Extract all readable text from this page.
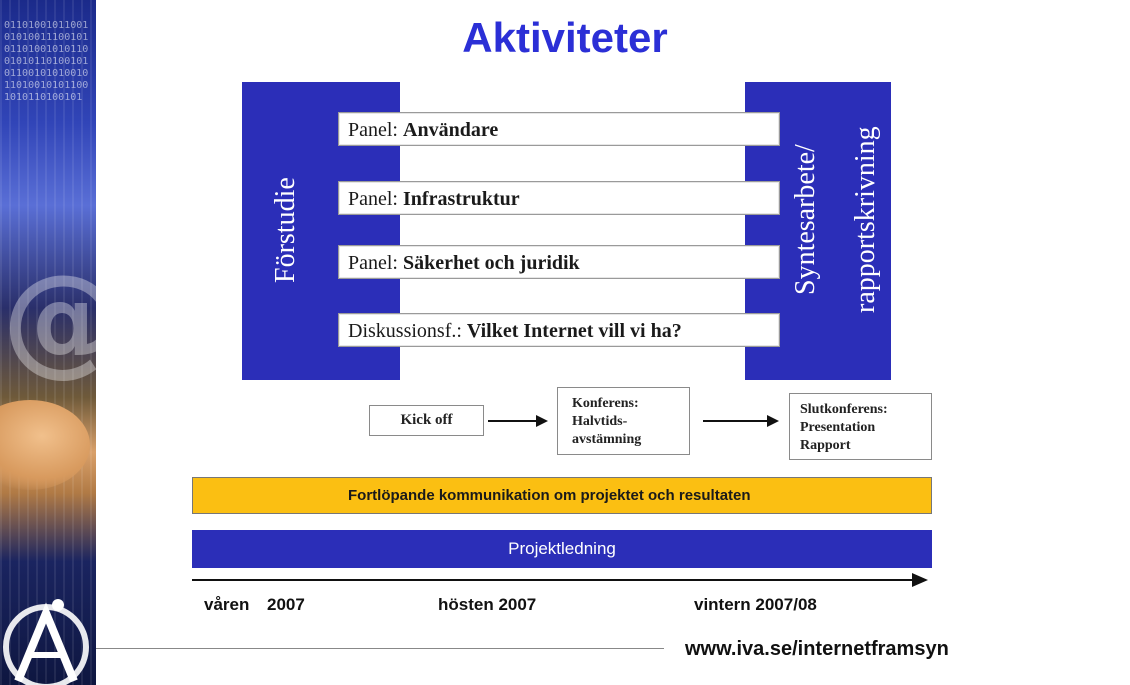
0110100101100101010011100101011010010101100101011010010101100101010010110100101011001010110100101
@
Aktiviteter
Förstudie	Syntesarbete/	rapportskrivning
Panel: Användare
Panel: Infrastruktur
Panel: Säkerhet och juridik
Diskussionsf.: Vilket Internet vill vi ha?
Kick off
Konferens:
Halvtids-
avstämning
Slutkonferens:
Presentation
Rapport
Fortlöpande kommunikation om projektet och resultaten
Projektledning
våren 2007	hösten 2007	vintern 2007/08
www.iva.se/internetframsyn
